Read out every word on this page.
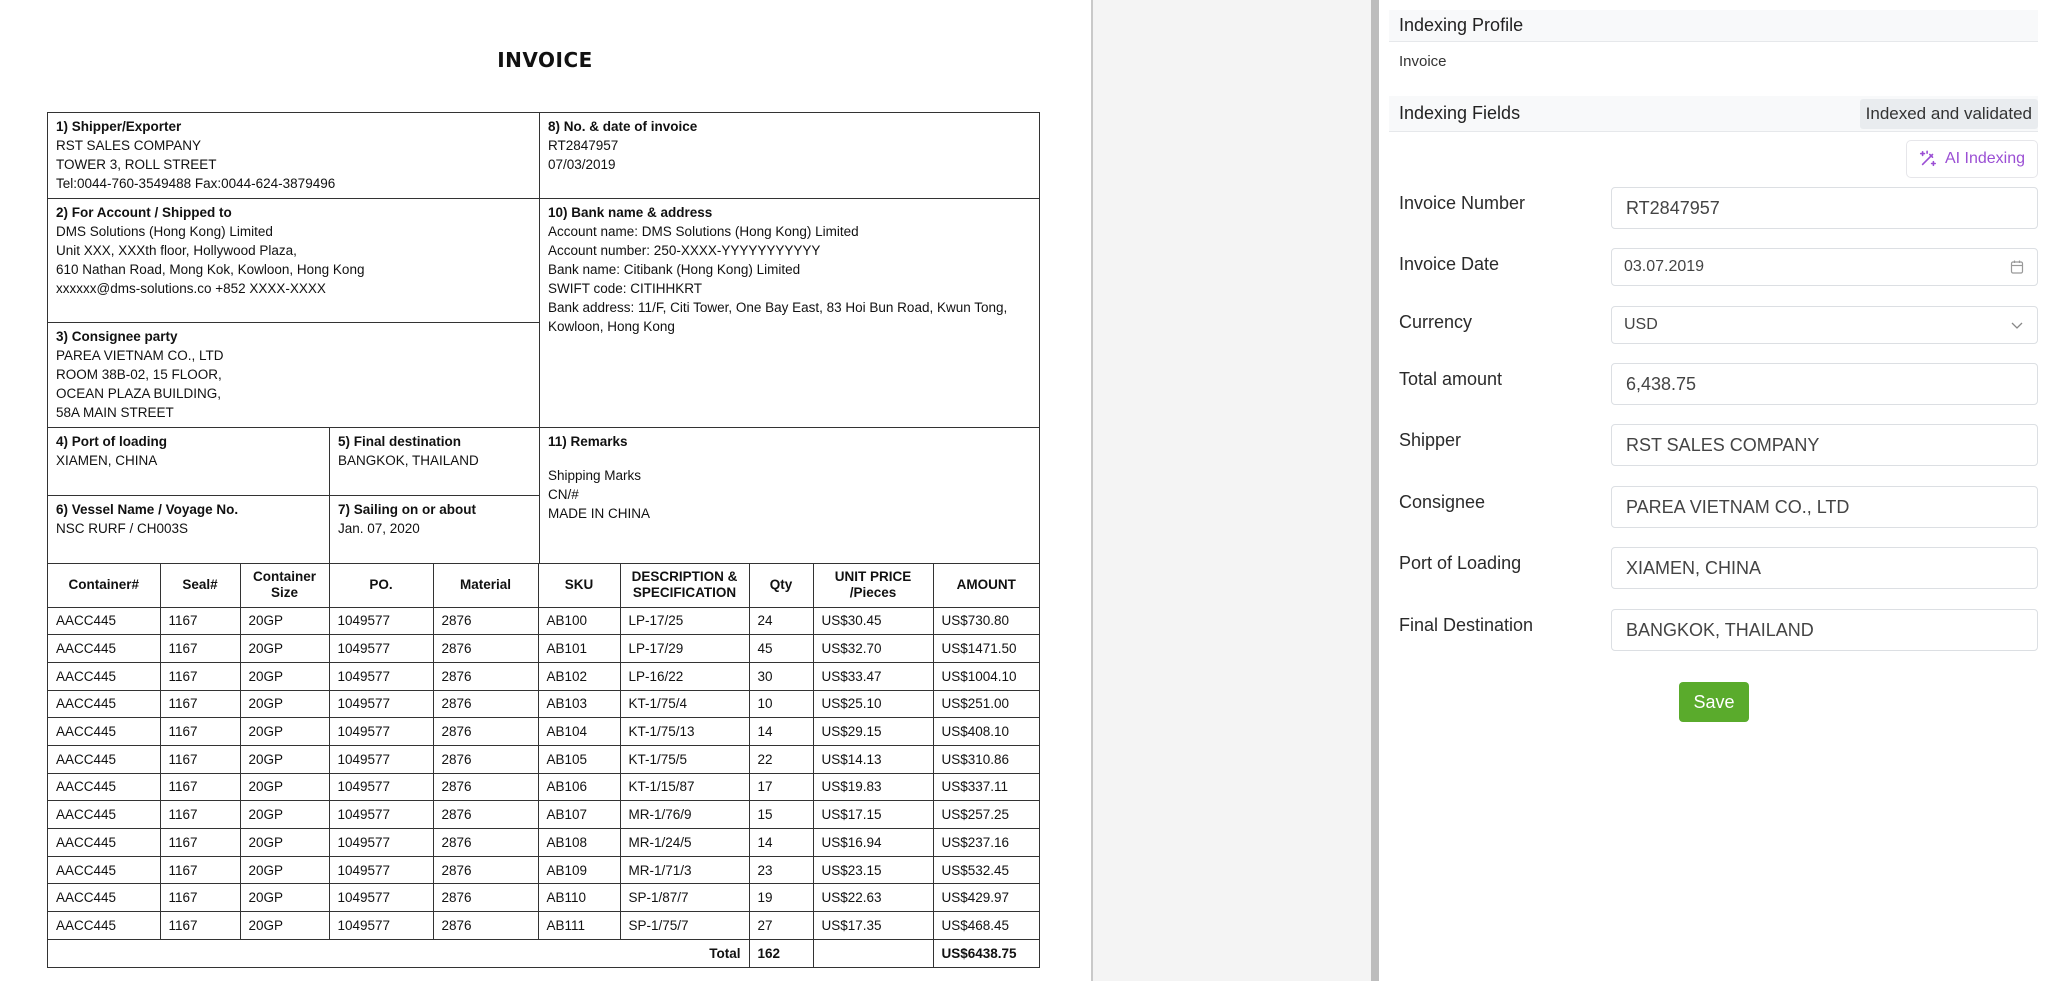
INVOICE
1) Shipper/Exporter
RST SALES COMPANY
TOWER 3, ROLL STREET
Tel:0044-760-3549488 Fax:0044-624-3879496
8) No. & date of invoice
RT2847957
07/03/2019
2) For Account / Shipped to
DMS Solutions (Hong Kong) Limited
Unit XXX, XXXth floor, Hollywood Plaza,
610 Nathan Road, Mong Kok, Kowloon, Hong Kong
xxxxxx@dms-solutions.co +852 XXXX-XXXX
3) Consignee party
PAREA VIETNAM CO., LTD
ROOM 38B-02, 15 FLOOR,
OCEAN PLAZA BUILDING,
58A MAIN STREET
10) Bank name & address
Account name: DMS Solutions (Hong Kong) Limited
Account number: 250-XXXX-YYYYYYYYYYY
Bank name: Citibank (Hong Kong) Limited
SWIFT code: CITIHHKRT
Bank address: 11/F, Citi Tower, One Bay East, 83 Hoi Bun Road, Kwun Tong, Kowloon, Hong Kong
4) Port of loading
XIAMEN, CHINA
5) Final destination
BANGKOK, THAILAND
6) Vessel Name / Voyage No.
NSC RURF / CH003S
7) Sailing on or about
Jan. 07, 2020
11) Remarks
Shipping Marks
CN/#
MADE IN CHINA
Container#	Seal#	Container Size	PO.	Material	SKU	DESCRIPTION & SPECIFICATION	Qty	UNIT PRICE /Pieces	AMOUNT
AACC445	1167	20GP	1049577	2876	AB100	LP-17/25	24	US$30.45	US$730.80
AACC445	1167	20GP	1049577	2876	AB101	LP-17/29	45	US$32.70	US$1471.50
AACC445	1167	20GP	1049577	2876	AB102	LP-16/22	30	US$33.47	US$1004.10
AACC445	1167	20GP	1049577	2876	AB103	KT-1/75/4	10	US$25.10	US$251.00
AACC445	1167	20GP	1049577	2876	AB104	KT-1/75/13	14	US$29.15	US$408.10
AACC445	1167	20GP	1049577	2876	AB105	KT-1/75/5	22	US$14.13	US$310.86
AACC445	1167	20GP	1049577	2876	AB106	KT-1/15/87	17	US$19.83	US$337.11
AACC445	1167	20GP	1049577	2876	AB107	MR-1/76/9	15	US$17.15	US$257.25
AACC445	1167	20GP	1049577	2876	AB108	MR-1/24/5	14	US$16.94	US$237.16
AACC445	1167	20GP	1049577	2876	AB109	MR-1/71/3	23	US$23.15	US$532.45
AACC445	1167	20GP	1049577	2876	AB110	SP-1/87/7	19	US$22.63	US$429.97
AACC445	1167	20GP	1049577	2876	AB111	SP-1/75/7	27	US$17.35	US$468.45
Total							162		US$6438.75
Indexing Profile
Invoice
Indexing Fields	Indexed and validated
AI Indexing
Invoice Number
RT2847957
Invoice Date
03.07.2019
Currency	USD
Total amount
6,438.75
Shipper
RST SALES COMPANY
Consignee
PAREA VIETNAM CO., LTD
Port of Loading
XIAMEN, CHINA
Final Destination
BANGKOK, THAILAND
Save
